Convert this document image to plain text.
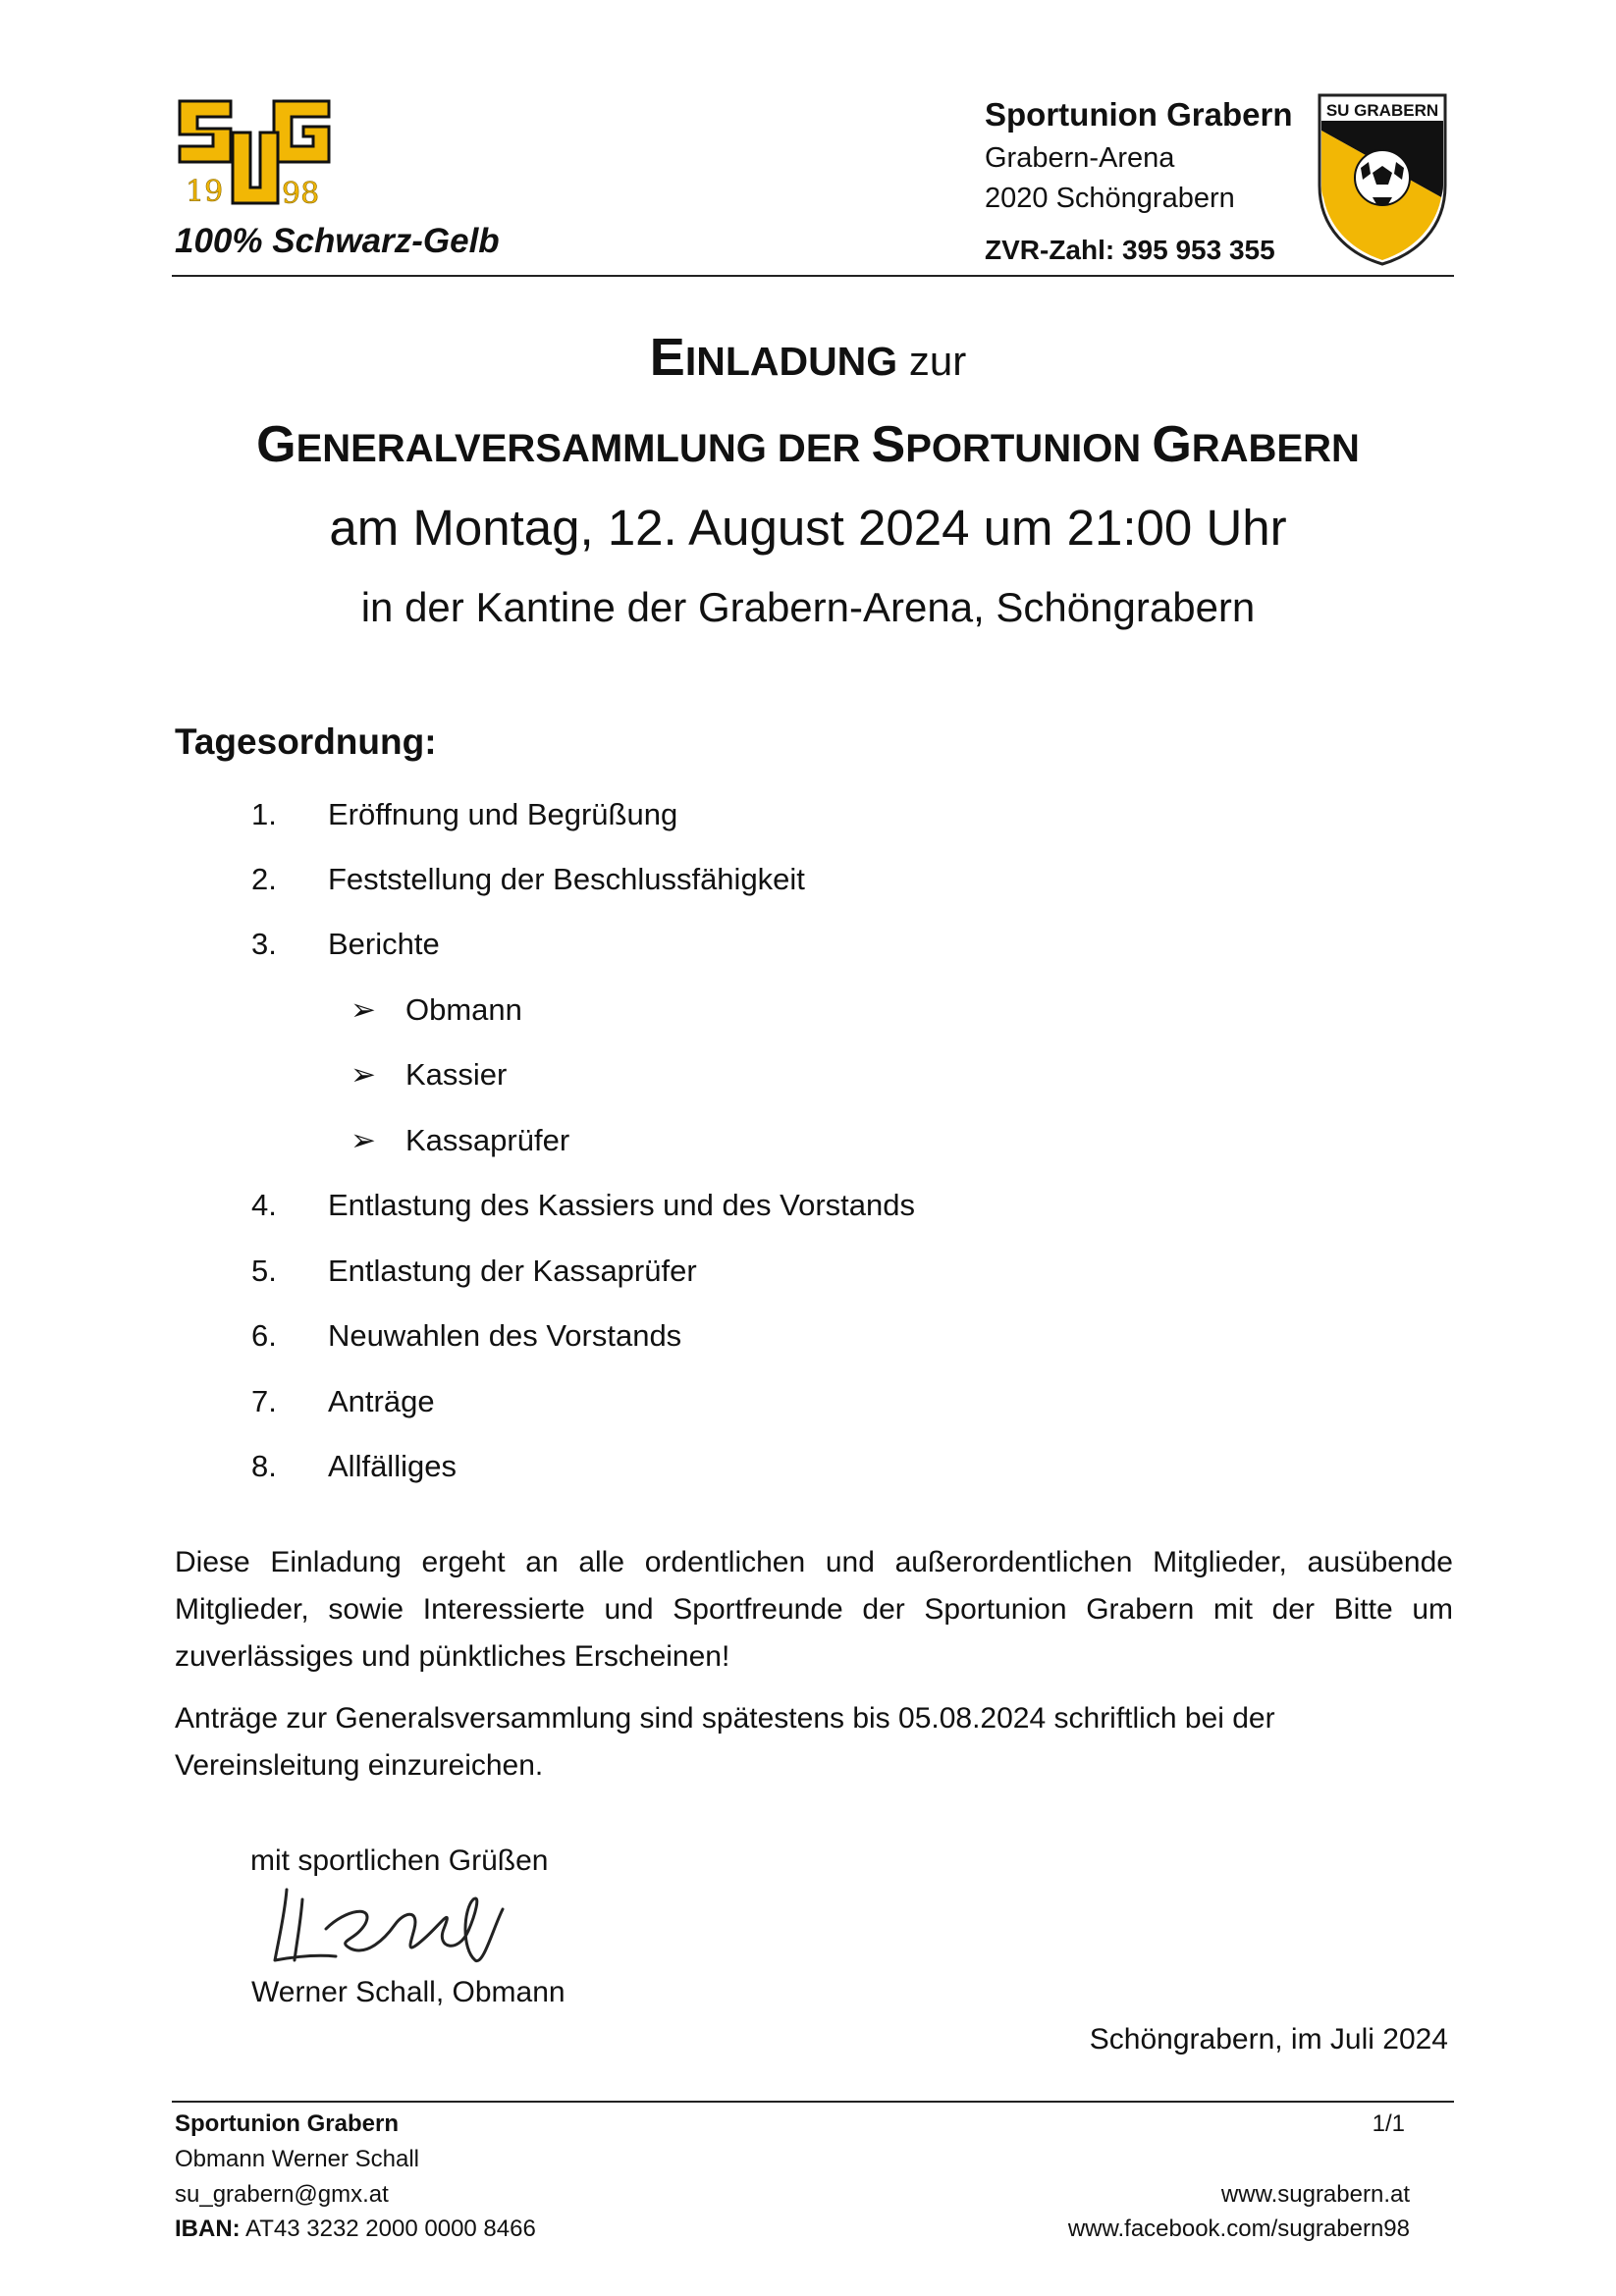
19 98
100% Schwarz-Gelb
Sportunion Grabern
Grabern-Arena
2020 Schöngrabern
ZVR-Zahl: 395 953 355
SU GRABERN
EINLADUNG zur
GENERALVERSAMMLUNG DER SPORTUNION GRABERN
am Montag, 12. August 2024 um 21:00 Uhr
in der Kantine der Grabern-Arena, Schöngrabern
Tagesordnung:
1.	Eröffnung und Begrüßung
2.	Feststellung der Beschlussfähigkeit
3.	Berichte
➢ Obmann
➢ Kassier
➢ Kassaprüfer
4.	Entlastung des Kassiers und des Vorstands
5.	Entlastung der Kassaprüfer
6.	Neuwahlen des Vorstands
7.	Anträge
8.	Allfälliges
Diese Einladung ergeht an alle ordentlichen und außerordentlichen Mitglieder, ausübende Mitglieder, sowie Interessierte und Sportfreunde der Sportunion Grabern mit der Bitte um zuverlässiges und pünktliches Erscheinen!
Anträge zur Generalsversammlung sind spätestens bis 05.08.2024 schriftlich bei der Vereinsleitung einzureichen.
mit sportlichen Grüßen
Werner Schall, Obmann
Schöngrabern, im Juli 2024
Sportunion Grabern
Obmann Werner Schall
su_grabern@gmx.at
IBAN: AT43 3232 2000 0000 8466
1/1
www.sugrabern.at
www.facebook.com/sugrabern98
